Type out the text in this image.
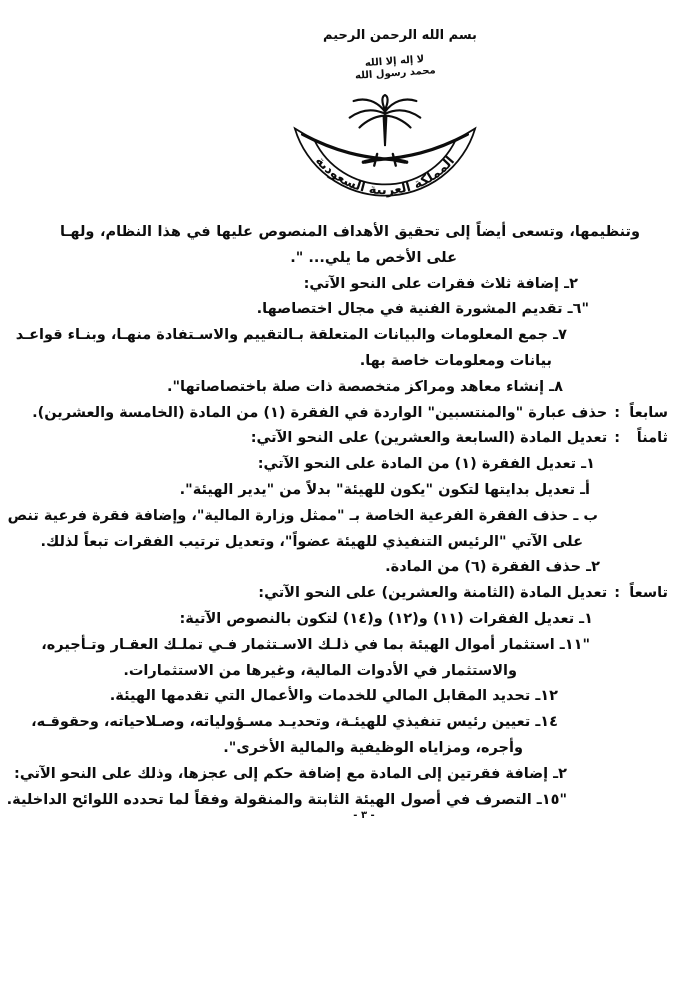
بسم الله الرحمن الرحيم
لا إله إلا الله
محمد رسول الله
المملكة العربية السعودية
وتنظيمها، وتسعى أيضاً إلى تحقيق الأهداف المنصوص عليها في هذا النظام، ولهـا
على الأخص ما يلي... ".
٢ـ إضافة ثلاث فقرات على النحو الآتي:
"٦ـ تقديم المشورة الفنية في مجال اختصاصها.
٧ـ جمع المعلومات والبيانات المتعلقة بـالتقييم والاسـتفادة منهـا، وبنـاء قواعـد
بيانات ومعلومات خاصة بها.
٨ـ إنشاء معاهد ومراكز متخصصة ذات صلة باختصاصاتها".
سابعاً
:
حذف عبارة "والمنتسبين" الواردة في الفقرة (١) من المادة (الخامسة والعشرين).
ثامناً
:
تعديل المادة (السابعة والعشرين) على النحو الآتي:
١ـ تعديل الفقرة (١) من المادة على النحو الآتي:
أـ تعديل بدايتها لتكون "يكون للهيئة" بدلاً من "يدير الهيئة".
ب ـ حذف الفقرة الفرعية الخاصة بـ "ممثل وزارة المالية"، وإضافة فقرة فرعية تنص
على الآتي "الرئيس التنفيذي للهيئة عضواً"، وتعديل ترتيب الفقرات تبعاً لذلك.
٢ـ حذف الفقرة (٦) من المادة.
تاسعاً
:
تعديل المادة (الثامنة والعشرين) على النحو الآتي:
١ـ تعديل الفقرات (١١) و(١٢) و(١٤) لتكون بالنصوص الآتية:
"١١ـ استثمار أموال الهيئة بما في ذلـك الاسـتثمار فـي تملـك العقـار وتـأجيره،
والاستثمار في الأدوات المالية، وغيرها من الاستثمارات.
١٢ـ تحديد المقابل المالي للخدمات والأعمال التي تقدمها الهيئة.
١٤ـ تعيين رئيس تنفيذي للهيئـة، وتحديـد مسـؤولياته، وصـلاحياته، وحقوقـه،
وأجره، ومزاياه الوظيفية والمالية الأخرى".
٢ـ إضافة فقرتين إلى المادة مع إضافة حكم إلى عجزها، وذلك على النحو الآتي:
"١٥ـ التصرف في أصول الهيئة الثابتة والمنقولة وفقاً لما تحدده اللوائح الداخلية.
- ٣ -
